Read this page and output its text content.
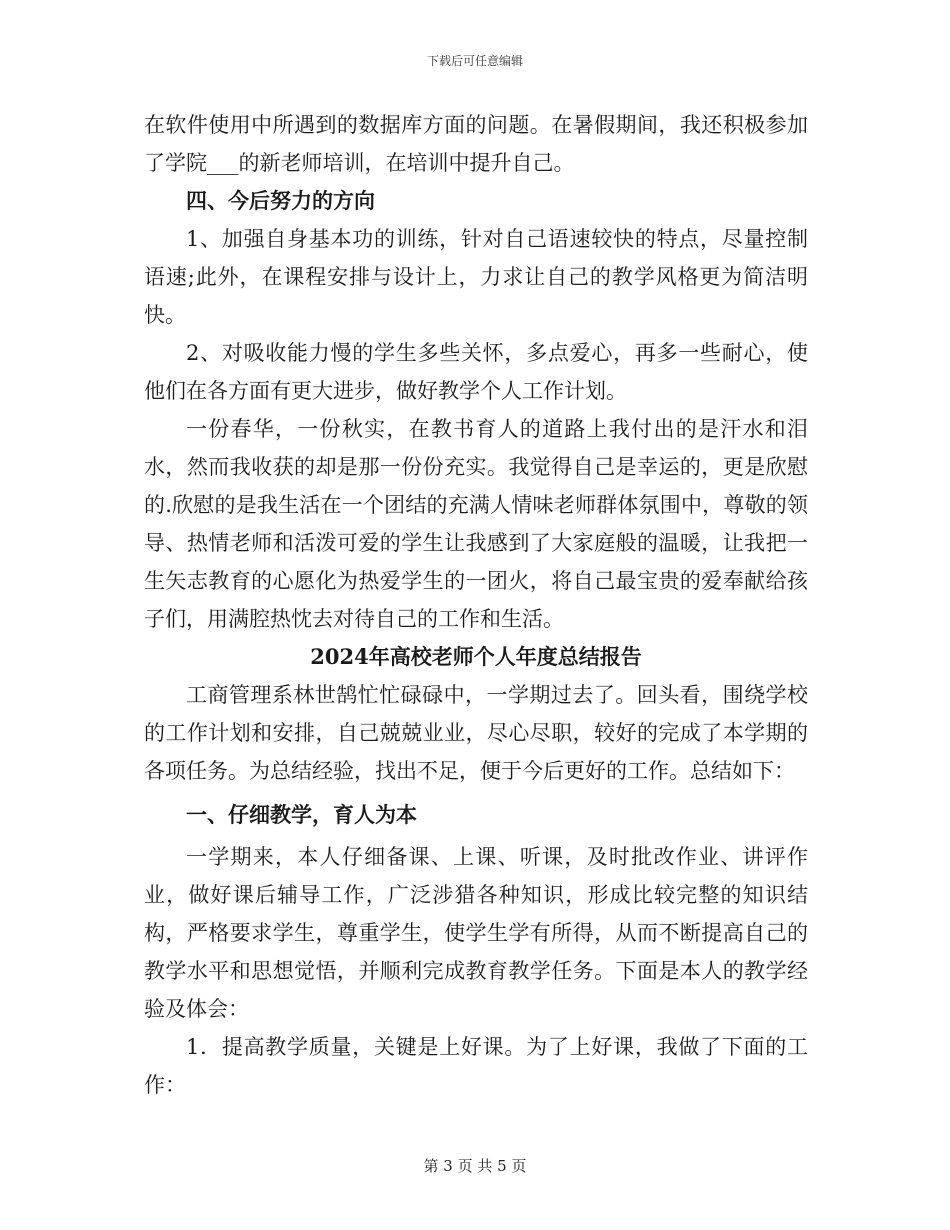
下载后可任意编辑

在软件使用中所遇到的数据库方面的问题。在暑假期间，我还积极参加了学院___的新老师培训，在培训中提升自己。

四、今后努力的方向

1、加强自身基本功的训练，针对自己语速较快的特点，尽量控制语速;此外，在课程安排与设计上，力求让自己的教学风格更为简洁明快。

2、对吸收能力慢的学生多些关怀，多点爱心，再多一些耐心，使他们在各方面有更大进步，做好教学个人工作计划。

一份春华，一份秋实，在教书育人的道路上我付出的是汗水和泪水，然而我收获的却是那一份份充实。我觉得自己是幸运的，更是欣慰的.欣慰的是我生活在一个团结的充满人情味老师群体氛围中，尊敬的领导、热情老师和活泼可爱的学生让我感到了大家庭般的温暖，让我把一生矢志教育的心愿化为热爱学生的一团火，将自己最宝贵的爱奉献给孩子们，用满腔热忱去对待自己的工作和生活。

2024年高校老师个人年度总结报告

工商管理系林世鹄忙忙碌碌中，一学期过去了。回头看，围绕学校的工作计划和安排，自己兢兢业业，尽心尽职，较好的完成了本学期的各项任务。为总结经验，找出不足，便于今后更好的工作。总结如下：

一、仔细教学，育人为本

一学期来，本人仔细备课、上课、听课，及时批改作业、讲评作业，做好课后辅导工作，广泛涉猎各种知识，形成比较完整的知识结构，严格要求学生，尊重学生，使学生学有所得，从而不断提高自己的教学水平和思想觉悟，并顺利完成教育教学任务。下面是本人的教学经验及体会：

1．提高教学质量，关键是上好课。为了上好课，我做了下面的工作：

第 3 页 共 5 页
